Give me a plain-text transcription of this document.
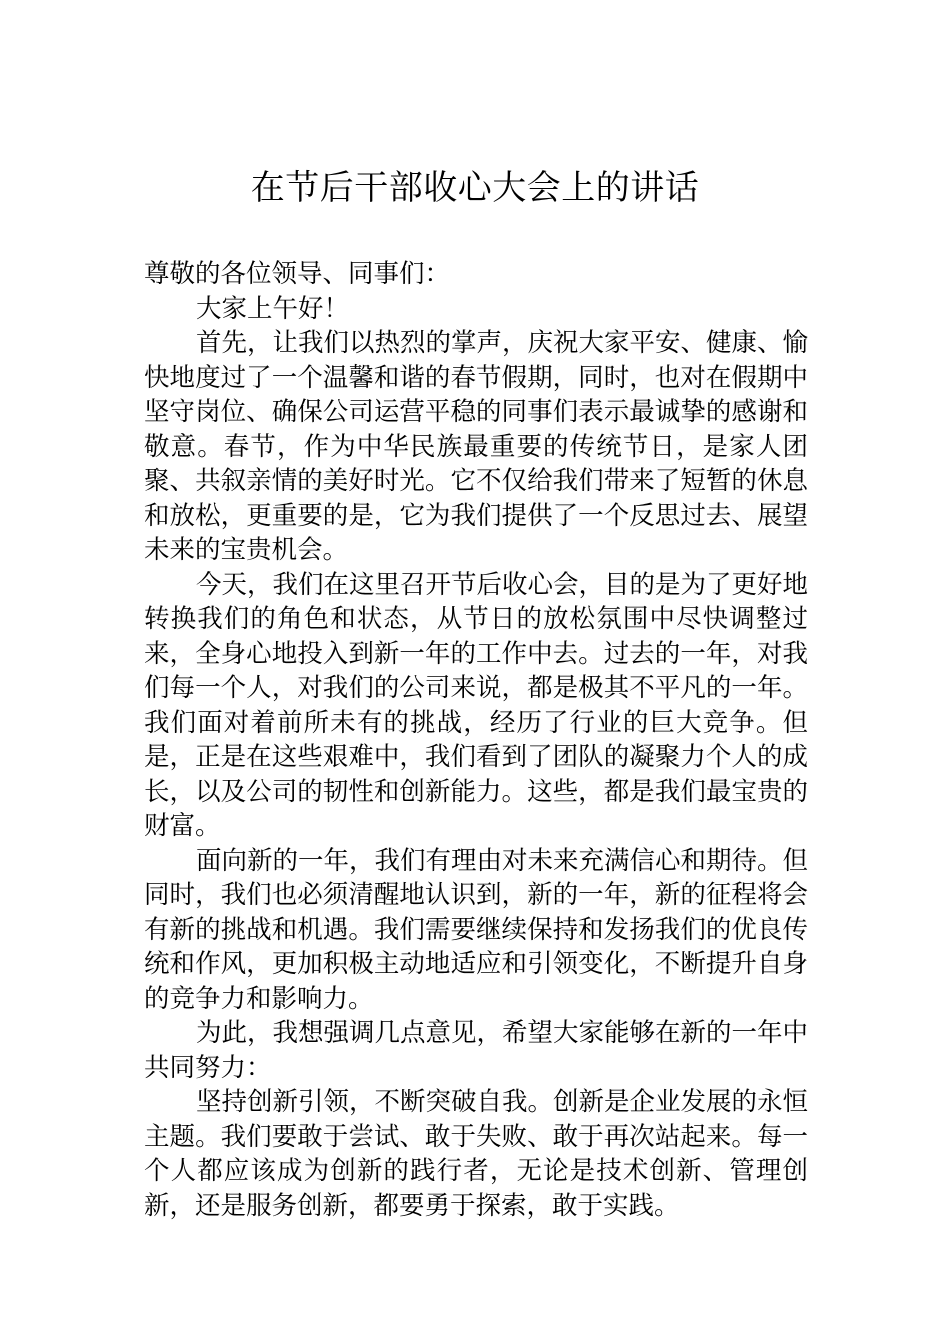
在节后干部收心大会上的讲话

尊敬的各位领导、同事们：

大家上午好！

首先，让我们以热烈的掌声，庆祝大家平安、健康、愉快地度过了一个温馨和谐的春节假期，同时，也对在假期中坚守岗位、确保公司运营平稳的同事们表示最诚挚的感谢和敬意。春节，作为中华民族最重要的传统节日，是家人团聚、共叙亲情的美好时光。它不仅给我们带来了短暂的休息和放松，更重要的是，它为我们提供了一个反思过去、展望未来的宝贵机会。

今天，我们在这里召开节后收心会，目的是为了更好地转换我们的角色和状态，从节日的放松氛围中尽快调整过来，全身心地投入到新一年的工作中去。过去的一年，对我们每一个人，对我们的公司来说，都是极其不平凡的一年。我们面对着前所未有的挑战，经历了行业的巨大竞争。但是，正是在这些艰难中，我们看到了团队的凝聚力个人的成长，以及公司的韧性和创新能力。这些，都是我们最宝贵的财富。

面向新的一年，我们有理由对未来充满信心和期待。但同时，我们也必须清醒地认识到，新的一年，新的征程将会有新的挑战和机遇。我们需要继续保持和发扬我们的优良传统和作风，更加积极主动地适应和引领变化，不断提升自身的竞争力和影响力。

为此，我想强调几点意见，希望大家能够在新的一年中共同努力：

坚持创新引领，不断突破自我。创新是企业发展的永恒主题。我们要敢于尝试、敢于失败、敢于再次站起来。每一个人都应该成为创新的践行者，无论是技术创新、管理创新，还是服务创新，都要勇于探索，敢于实践。
